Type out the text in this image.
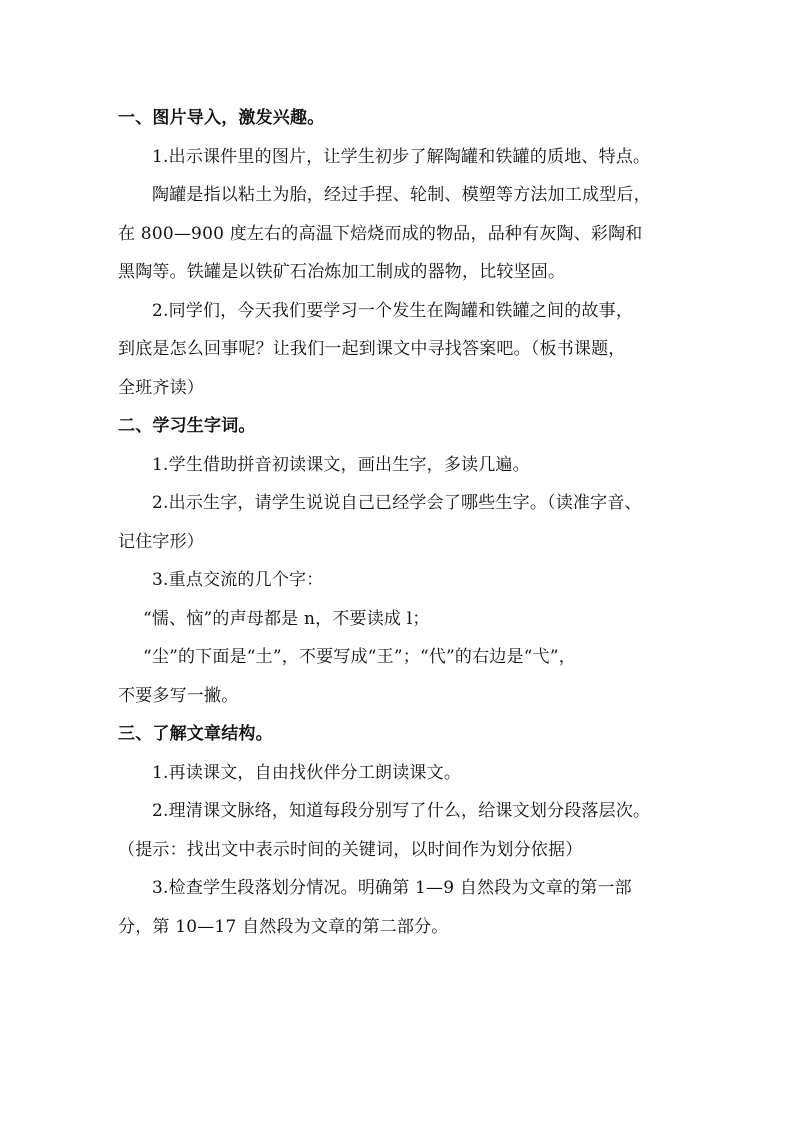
一、图片导入，激发兴趣。
1.出示课件里的图片，让学生初步了解陶罐和铁罐的质地、特点。
陶罐是指以粘土为胎，经过手捏、轮制、模塑等方法加工成型后，
在 800—900 度左右的高温下焙烧而成的物品，品种有灰陶、彩陶和
黑陶等。铁罐是以铁矿石冶炼加工制成的器物，比较坚固。
2.同学们，今天我们要学习一个发生在陶罐和铁罐之间的故事，
到底是怎么回事呢？让我们一起到课文中寻找答案吧。（板书课题，
全班齐读）
二、学习生字词。
1.学生借助拼音初读课文，画出生字，多读几遍。
2.出示生字，请学生说说自己已经学会了哪些生字。（读准字音、
记住字形）
3.重点交流的几个字：
“懦、恼”的声母都是 n，不要读成 l；
“尘”的下面是“土”，不要写成“王”；“代”的右边是“弋”，
不要多写一撇。
三、了解文章结构。
1.再读课文，自由找伙伴分工朗读课文。
2.理清课文脉络，知道每段分别写了什么，给课文划分段落层次。
（提示：找出文中表示时间的关键词，以时间作为划分依据）
3.检查学生段落划分情况。明确第 1—9 自然段为文章的第一部
分，第 10—17 自然段为文章的第二部分。
